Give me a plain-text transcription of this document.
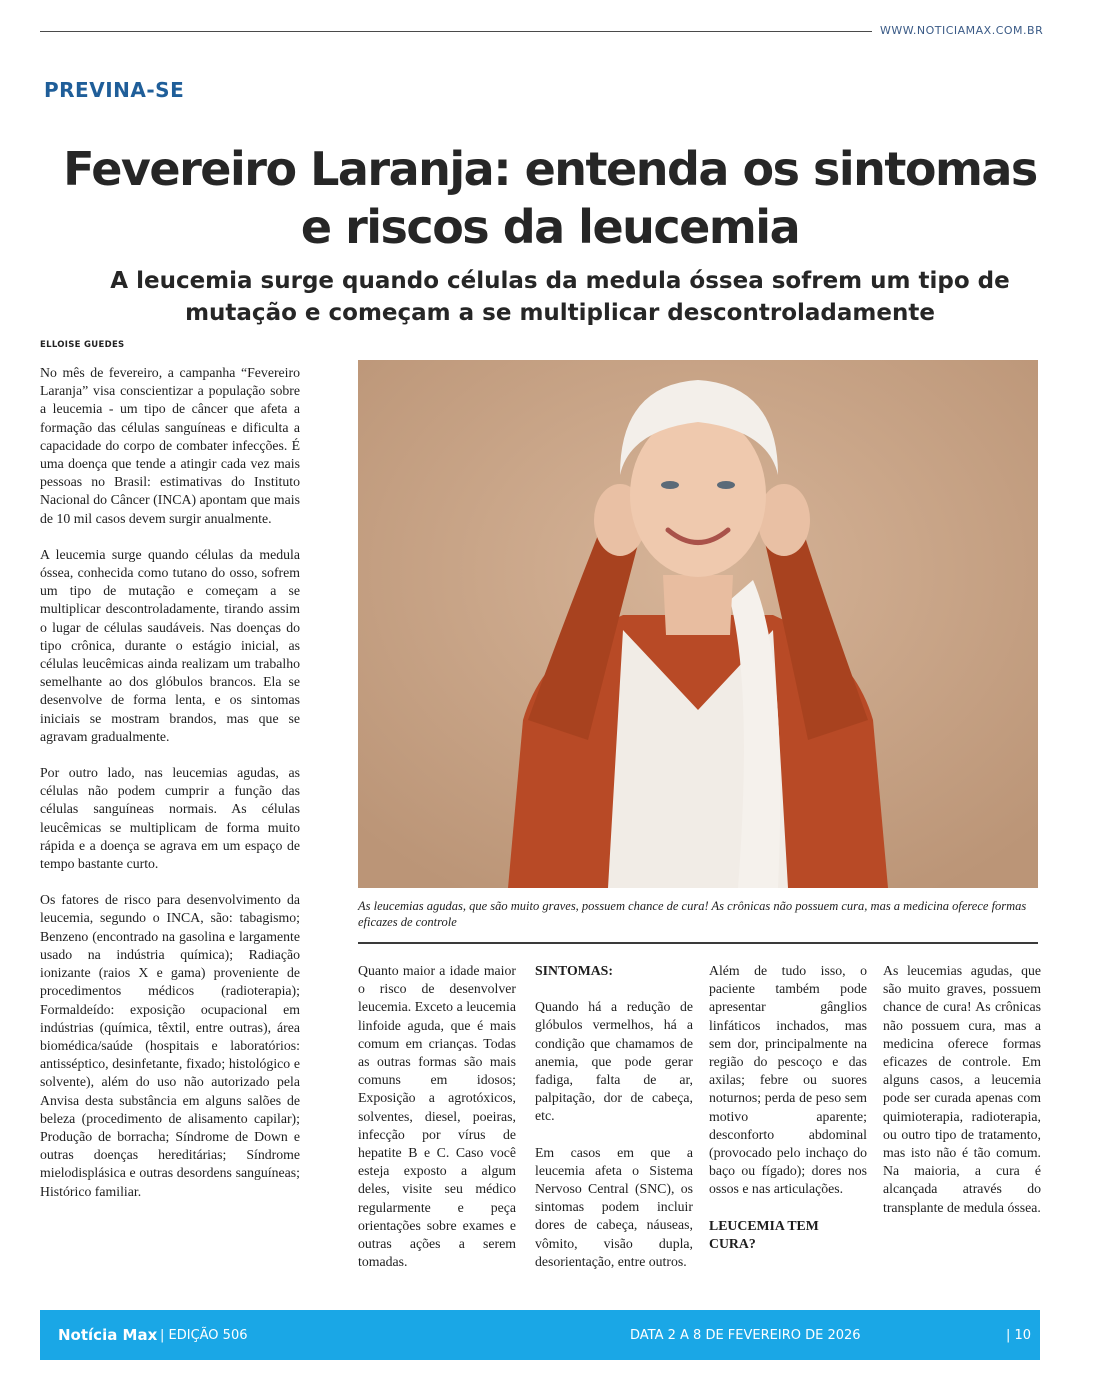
WWW.NOTICIAMAX.COM.BR
PREVINA-SE
Fevereiro Laranja: entenda os sintomas
e riscos da leucemia
A leucemia surge quando células da medula óssea sofrem um tipo de
mutação e começam a se multiplicar descontroladamente
ELLOISE GUEDES

No mês de fevereiro, a campanha “Fevereiro Laranja” visa conscientizar a população sobre a leucemia - um tipo de câncer que afeta a formação das células sanguíneas e dificulta a capacidade do corpo de combater infecções. É uma doença que tende a atingir cada vez mais pessoas no Brasil: estimativas do Instituto Nacional do Câncer (INCA) apontam que mais de 10 mil casos devem surgir anualmente.

A leucemia surge quando células da medula óssea, conhecida como tutano do osso, sofrem um tipo de mutação e começam a se multiplicar descontroladamente, tirando assim o lugar de células saudáveis. Nas doenças do tipo crônica, durante o estágio inicial, as células leucêmicas ainda realizam um trabalho semelhante ao dos glóbulos brancos. Ela se desenvolve de forma lenta, e os sintomas iniciais se mostram brandos, mas que se agravam gradualmente.

Por outro lado, nas leucemias agudas, as células não podem cumprir a função das células sanguíneas normais. As células leucêmicas se multiplicam de forma muito rápida e a doença se agrava em um espaço de tempo bastante curto.

Os fatores de risco para desenvolvimento da leucemia, segundo o INCA, são: tabagismo; Benzeno (encontrado na gasolina e largamente usado na indústria química); Radiação ionizante (raios X e gama) proveniente de procedimentos médicos (radioterapia); Formaldeído: exposição ocupacional em indústrias (química, têxtil, entre outras), área biomédica/saúde (hospitais e laboratórios: antisséptico, desinfetante, fixado; histológico e solvente), além do uso não autorizado pela Anvisa desta substância em alguns salões de beleza (procedimento de alisamento capilar); Produção de borracha; Síndrome de Down e outras doenças hereditárias; Síndrome mielodisplásica e outras desordens sanguíneas; Histórico familiar.

As leucemias agudas, que são muito graves, possuem chance de cura! As crônicas não possuem cura, mas a medicina oferece formas eficazes de controle

Quanto maior a idade maior o risco de desenvolver leucemia. Exceto a leucemia linfoide aguda, que é mais comum em crianças. Todas as outras formas são mais comuns em idosos; Exposição a agrotóxicos, solventes, diesel, poeiras, infecção por vírus de hepatite B e C. Caso você esteja exposto a algum deles, visite seu médico regularmente e peça orientações sobre exames e outras ações a serem tomadas.

SINTOMAS:

Quando há a redução de glóbulos vermelhos, há a condição que chamamos de anemia, que pode gerar fadiga, falta de ar, palpitação, dor de cabeça, etc.

Em casos em que a leucemia afeta o Sistema Nervoso Central (SNC), os sintomas podem incluir dores de cabeça, náuseas, vômito, visão dupla, desorientação, entre outros.

Além de tudo isso, o paciente também pode apresentar gânglios linfáticos inchados, mas sem dor, principalmente na região do pescoço e das axilas; febre ou suores noturnos; perda de peso sem motivo aparente; desconforto abdominal (provocado pelo inchaço do baço ou fígado); dores nos ossos e nas articulações.

LEUCEMIA TEM CURA?

As leucemias agudas, que são muito graves, possuem chance de cura! As crônicas não possuem cura, mas a medicina oferece formas eficazes de controle. Em alguns casos, a leucemia pode ser curada apenas com quimioterapia, radioterapia, ou outro tipo de tratamento, mas isto não é tão comum. Na maioria, a cura é alcançada através do transplante de medula óssea.

Notícia Max | EDIÇÃO 506	DATA 2 A 8 DE FEVEREIRO DE 2026	| 10
